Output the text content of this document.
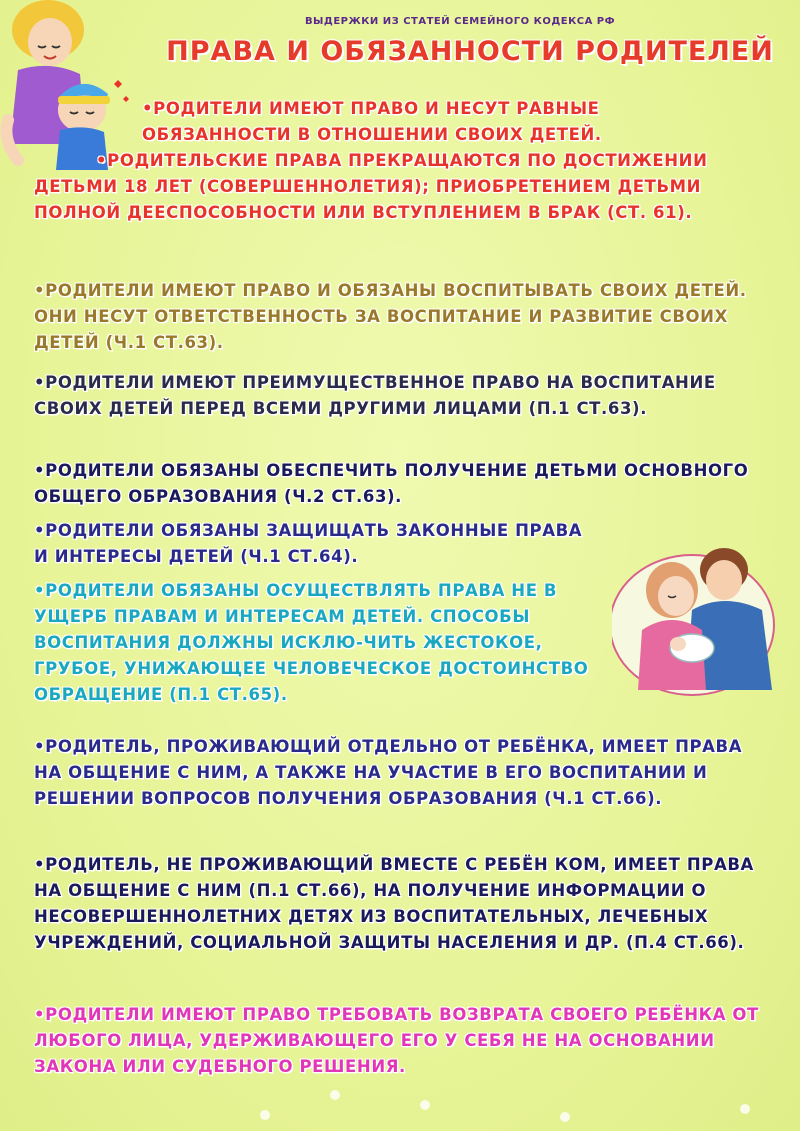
ВЫДЕРЖКИ ИЗ СТАТЕЙ СЕМЕЙНОГО КОДЕКСА РФ
ПРАВА И ОБЯЗАННОСТИ РОДИТЕЛЕЙ
•РОДИТЕЛИ ИМЕЮТ ПРАВО И НЕСУТ РАВНЫЕ ОБЯЗАННОСТИ В ОТНОШЕНИИ СВОИХ ДЕТЕЙ.
•РОДИТЕЛЬСКИЕ ПРАВА ПРЕКРАЩАЮТСЯ ПО ДОСТИЖЕНИИ ДЕТЬМИ 18 ЛЕТ (СОВЕРШЕННОЛЕТИЯ); ПРИОБРЕТЕНИЕМ ДЕТЬМИ ПОЛНОЙ ДЕЕСПОСОБНОСТИ ИЛИ ВСТУПЛЕНИЕМ В БРАК (СТ. 61).
•РОДИТЕЛИ ИМЕЮТ ПРАВО И ОБЯЗАНЫ ВОСПИТЫВАТЬ СВОИХ ДЕТЕЙ. ОНИ НЕСУТ ОТВЕТСТВЕННОСТЬ ЗА ВОСПИТАНИЕ И РАЗВИТИЕ СВОИХ ДЕТЕЙ (Ч.1 СТ.63).
•РОДИТЕЛИ ИМЕЮТ ПРЕИМУЩЕСТВЕННОЕ ПРАВО НА ВОСПИТАНИЕ СВОИХ ДЕТЕЙ ПЕРЕД ВСЕМИ ДРУГИМИ ЛИЦАМИ (П.1 СТ.63).
•РОДИТЕЛИ ОБЯЗАНЫ ОБЕСПЕЧИТЬ ПОЛУЧЕНИЕ ДЕТЬМИ ОСНОВНОГО ОБЩЕГО ОБРАЗОВАНИЯ (Ч.2 СТ.63).
•РОДИТЕЛИ ОБЯЗАНЫ ЗАЩИЩАТЬ ЗАКОННЫЕ ПРАВА И ИНТЕРЕСЫ ДЕТЕЙ (Ч.1 СТ.64).
•РОДИТЕЛИ ОБЯЗАНЫ ОСУЩЕСТВЛЯТЬ ПРАВА НЕ В УЩЕРБ ПРАВАМ И ИНТЕРЕСАМ ДЕТЕЙ. СПОСОБЫ ВОСПИТАНИЯ ДОЛЖНЫ ИСКЛЮ-ЧИТЬ ЖЕСТОКОЕ, ГРУБОЕ, УНИЖАЮЩЕЕ ЧЕЛОВЕЧЕСКОЕ ДОСТОИНСТВО ОБРАЩЕНИЕ (П.1 СТ.65).
•РОДИТЕЛЬ, ПРОЖИВАЮЩИЙ ОТДЕЛЬНО ОТ РЕБЁНКА, ИМЕЕТ ПРАВА НА ОБЩЕНИЕ С НИМ, А ТАКЖЕ НА УЧАСТИЕ В ЕГО ВОСПИТАНИИ И РЕШЕНИИ ВОПРОСОВ ПОЛУЧЕНИЯ ОБРАЗОВАНИЯ (Ч.1 СТ.66).
•РОДИТЕЛЬ, НЕ ПРОЖИВАЮЩИЙ ВМЕСТЕ С РЕБЁН КОМ, ИМЕЕТ ПРАВА НА ОБЩЕНИЕ С НИМ (П.1 СТ.66), НА ПОЛУЧЕНИЕ ИНФОРМАЦИИ О НЕСОВЕРШЕННОЛЕТНИХ ДЕТЯХ ИЗ ВОСПИТАТЕЛЬНЫХ, ЛЕЧЕБНЫХ УЧРЕЖДЕНИЙ, СОЦИАЛЬНОЙ ЗАЩИТЫ НАСЕЛЕНИЯ И ДР. (П.4 СТ.66).
•РОДИТЕЛИ ИМЕЮТ ПРАВО ТРЕБОВАТЬ ВОЗВРАТА СВОЕГО РЕБЁНКА ОТ ЛЮБОГО ЛИЦА, УДЕРЖИВАЮЩЕГО ЕГО У СЕБЯ НЕ НА ОСНОВАНИИ ЗАКОНА ИЛИ СУДЕБНОГО РЕШЕНИЯ.
